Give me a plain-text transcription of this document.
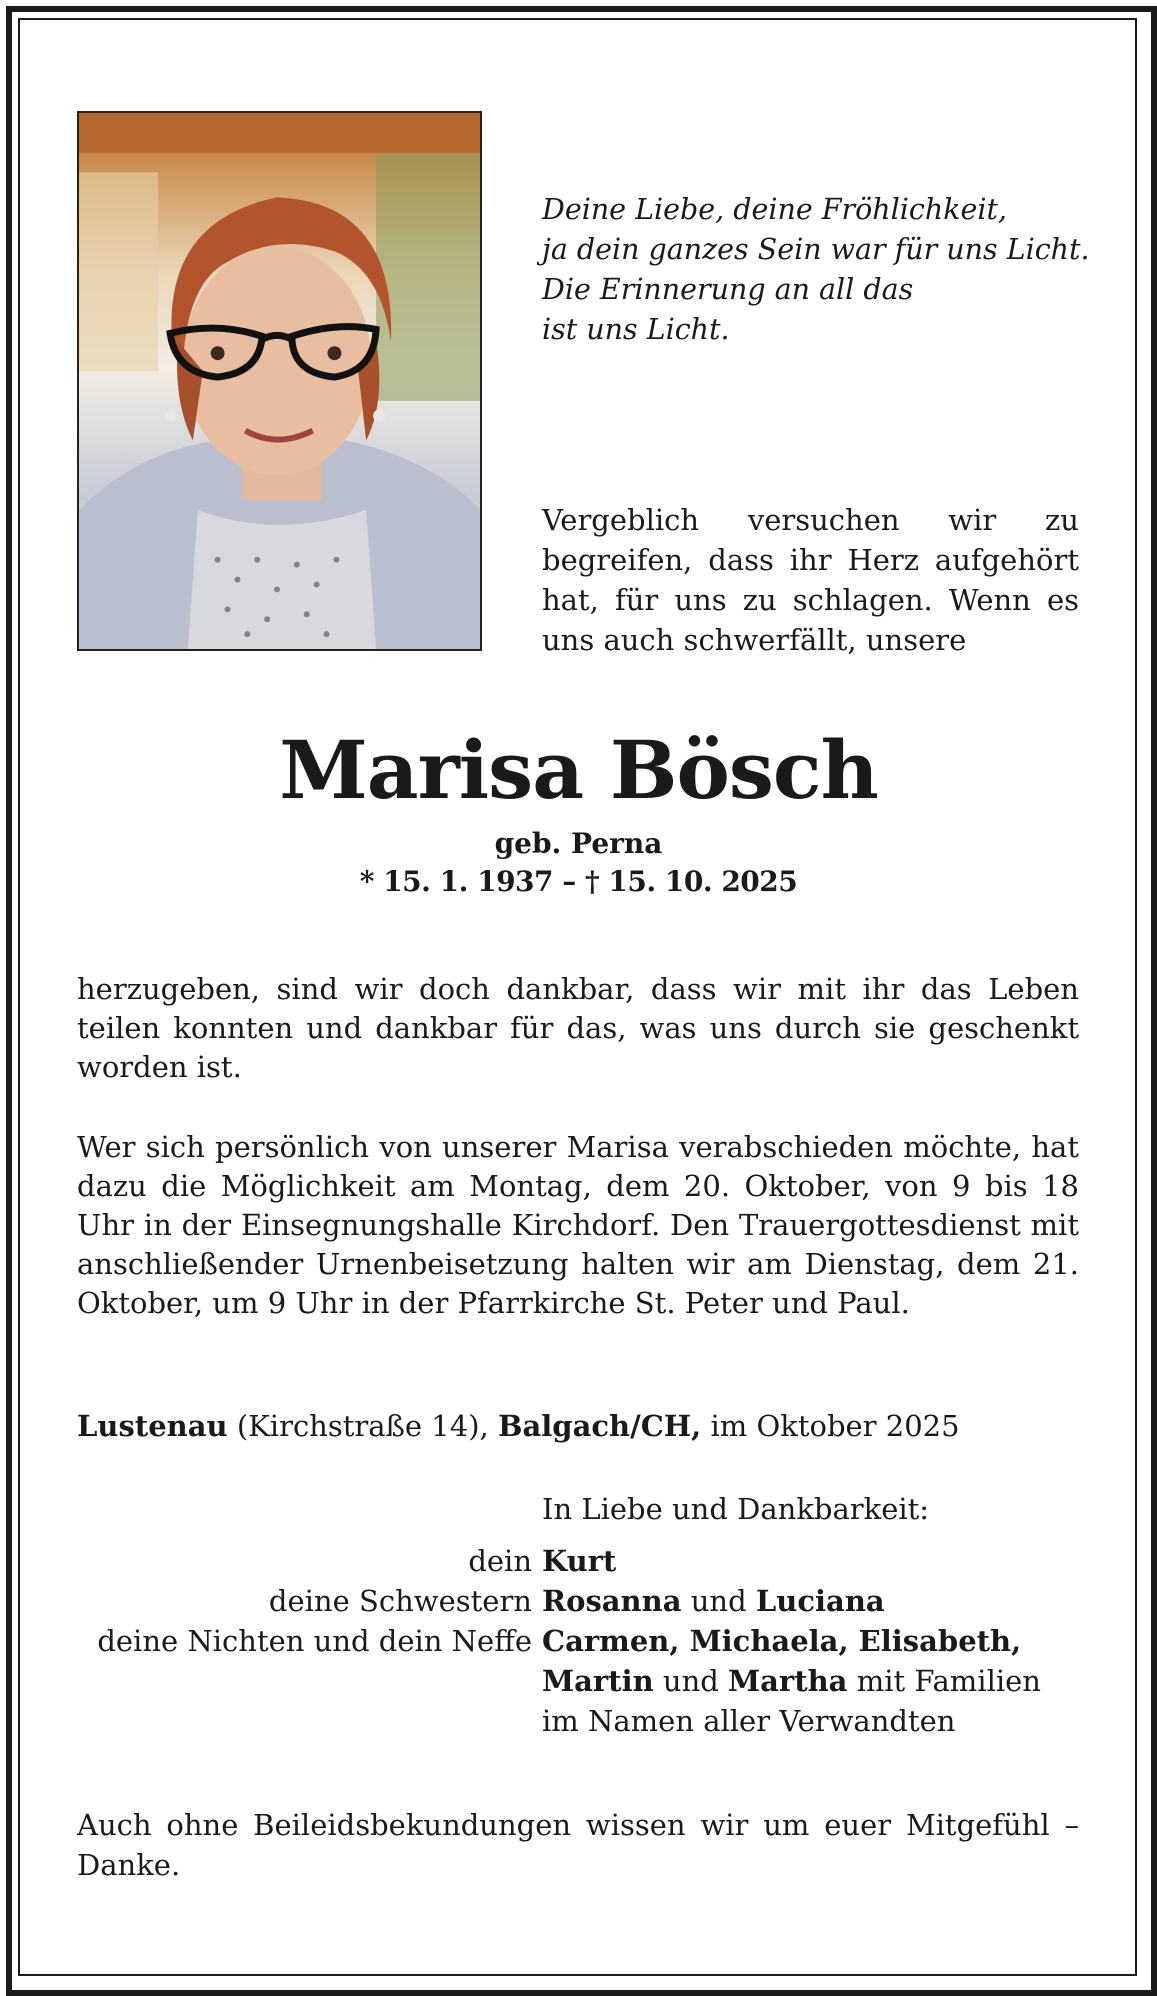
Deine Liebe, deine Fröhlichkeit,
ja dein ganzes Sein war für uns Licht.
Die Erinnerung an all das
ist uns Licht.
Vergeblich versuchen wir zu begreifen, dass ihr Herz aufgehört hat, für uns zu schlagen. Wenn es uns auch schwerfällt, unsere
Marisa Bösch
geb. Perna
* 15. 1. 1937 – † 15. 10. 2025
herzugeben, sind wir doch dankbar, dass wir mit ihr das Leben teilen konnten und dankbar für das, was uns durch sie geschenkt worden ist.
Wer sich persönlich von unserer Marisa verabschieden möchte, hat dazu die Möglichkeit am Montag, dem 20. Oktober, von 9 bis 18 Uhr in der Einsegnungshalle Kirchdorf. Den Trauergottesdienst mit anschließender Urnenbeisetzung halten wir am Dienstag, dem 21. Oktober, um 9 Uhr in der Pfarrkirche St. Peter und Paul.
Lustenau (Kirchstraße 14), Balgach/CH, im Oktober 2025
In Liebe und Dankbarkeit:
dein Kurt
deine Schwestern Rosanna und Luciana
deine Nichten und dein Neffe Carmen, Michaela, Elisabeth,
Martin und Martha mit Familien
im Namen aller Verwandten
Auch ohne Beileidsbekundungen wissen wir um euer Mitgefühl – Danke.
